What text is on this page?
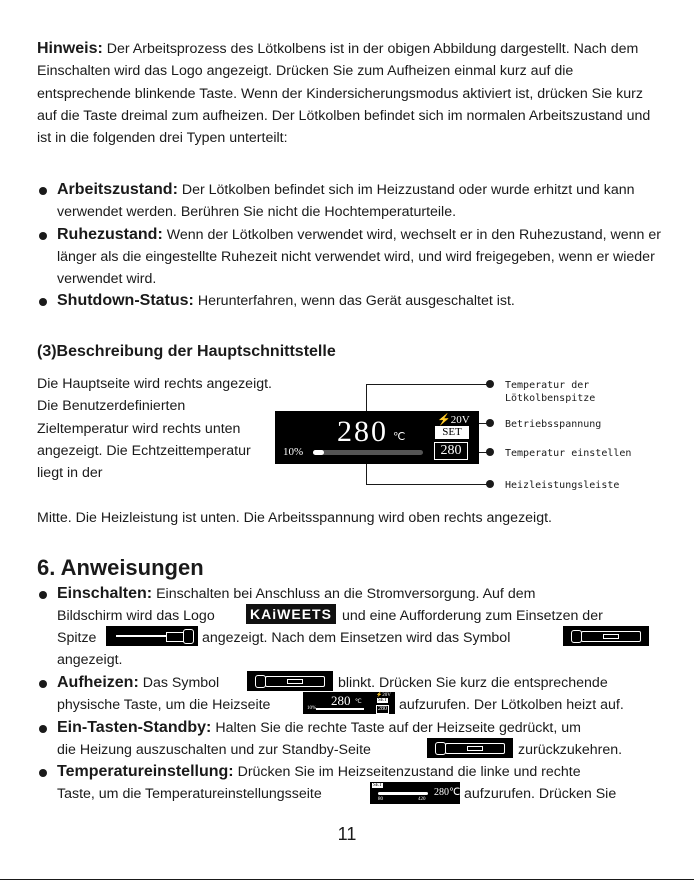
Hinweis: Der Arbeitsprozess des Lötkolbens ist in der obigen Abbildung dargestellt. Nach dem Einschalten wird das Logo angezeigt. Drücken Sie zum Aufheizen einmal kurz auf die entsprechende blinkende Taste. Wenn der Kindersicherungsmodus aktiviert ist, drücken Sie kurz auf die Taste dreimal zum aufheizen. Der Lötkolben befindet sich im normalen Arbeitszustand und ist in die folgenden drei Typen unterteilt:

Arbeitszustand: Der Lötkolben befindet sich im Heizzustand oder wurde erhitzt und kann verwendet werden. Berühren Sie nicht die Hochtemperaturteile.
Ruhezustand: Wenn der Lötkolben verwendet wird, wechselt er in den Ruhezustand, wenn er länger als die eingestellte Ruhezeit nicht verwendet wird, und wird freigegeben, wenn er wieder verwendet wird.
Shutdown-Status: Herunterfahren, wenn das Gerät ausgeschaltet ist.
(3)Beschreibung der Hauptschnittstelle

Die Hauptseite wird rechts angezeigt. Die Benutzerdefinierten Zieltemperatur wird rechts unten angezeigt. Die Echtzeittemperatur liegt in der

Mitte. Die Heizleistung ist unten. Die Arbeitsspannung wird oben rechts angezeigt.

280 ℃
⚡20V
SET
280
10%
Temperatur der Lötkolbenspitze
Betriebsspannung
Temperatur einstellen
Heizleistungsleiste
6. Anweisungen

Einschalten: Einschalten bei Anschluss an die Stromversorgung. Auf dem

Bildschirm wird das Logo	KAiWEETS und eine Aufforderung zum Einsetzen der

Spitze	angezeigt. Nach dem Einsetzen wird das Symbol

angezeigt.

Aufheizen: Das Symbol	blinkt. Drücken Sie kurz die entsprechende

physische Taste, um die Heizseite	280 ℃
10%
⚡20V
SET
280 aufzurufen. Der Lötkolben heizt auf.

Ein-Tasten-Standby: Halten Sie die rechte Taste auf der Heizseite gedrückt, um

die Heizung auszuschalten und zur Standby-Seite	zurückzukehren.

Temperatureinstellung: Drücken Sie im Heizseitenzustand die linke und rechte

Taste, um die Temperatureinstellungsseite

SET
80	420
280℃ aufzurufen. Drücken Sie

11
